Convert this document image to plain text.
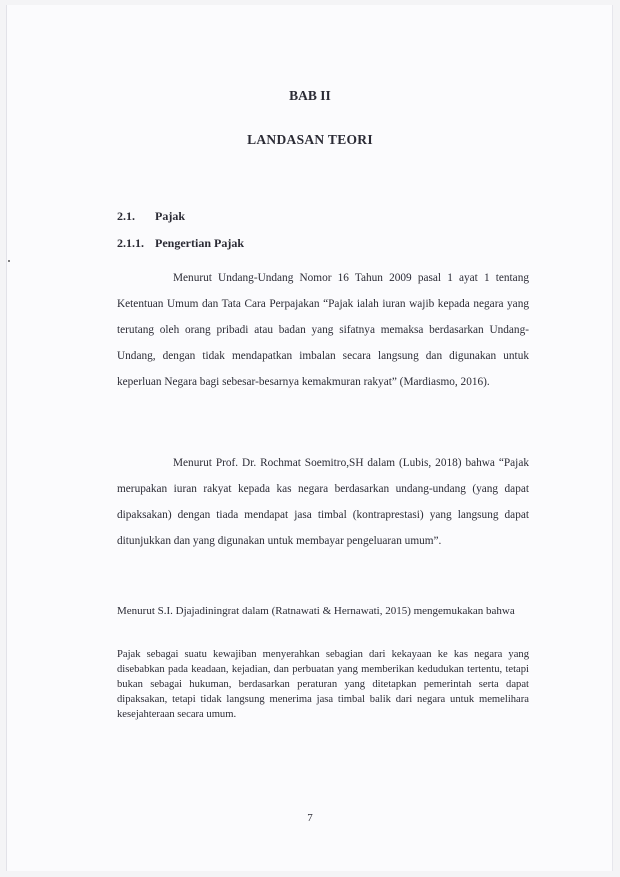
BAB II
LANDASAN TEORI
2.1. Pajak
2.1.1. Pengertian Pajak

Menurut Undang-Undang Nomor 16 Tahun 2009 pasal 1 ayat 1 tentang Ketentuan Umum dan Tata Cara Perpajakan “Pajak ialah iuran wajib kepada negara yang terutang oleh orang pribadi atau badan yang sifatnya memaksa berdasarkan Undang-Undang, dengan tidak mendapatkan imbalan secara langsung dan digunakan untuk keperluan Negara bagi sebesar-besarnya kemakmuran rakyat” (Mardiasmo, 2016).

Menurut Prof. Dr. Rochmat Soemitro,SH dalam (Lubis, 2018) bahwa “Pajak merupakan iuran rakyat kepada kas negara berdasarkan undang-undang (yang dapat dipaksakan) dengan tiada mendapat jasa timbal (kontraprestasi) yang langsung dapat ditunjukkan dan yang digunakan untuk membayar pengeluaran umum”.

Menurut S.I. Djajadiningrat dalam (Ratnawati & Hernawati, 2015) mengemukakan bahwa

Pajak sebagai suatu kewajiban menyerahkan sebagian dari kekayaan ke kas negara yang disebabkan pada keadaan, kejadian, dan perbuatan yang memberikan kedudukan tertentu, tetapi bukan sebagai hukuman, berdasarkan peraturan yang ditetapkan pemerintah serta dapat dipaksakan, tetapi tidak langsung menerima jasa timbal balik dari negara untuk memelihara kesejahteraan secara umum.

7
